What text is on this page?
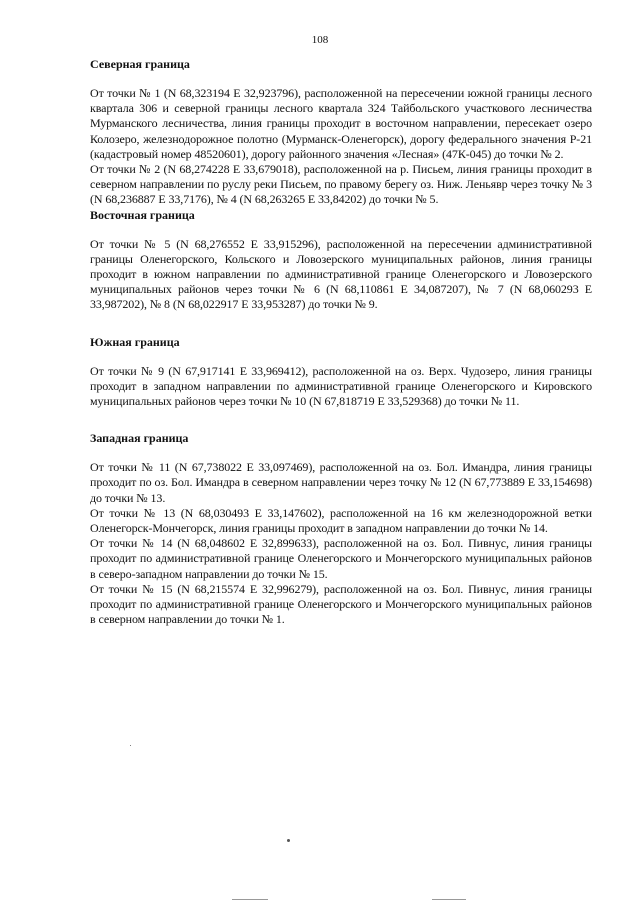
108
Северная граница

От точки № 1 (N 68,323194 E 32,923796), расположенной на пересечении южной границы лесного квартала 306 и северной границы лесного квартала 324 Тайбольского участкового лесничества Мурманского лесничества, линия границы проходит в восточном направлении, пересекает озеро Колозеро, железнодорожное полотно (Мурманск-Оленегорск), дорогу федерального значения Р-21 (кадастровый номер 48520601), дорогу районного значения «Лесная» (47К-045) до точки № 2.

От точки № 2 (N 68,274228 E 33,679018), расположенной на р. Письем, линия границы проходит в северном направлении по руслу реки Письем, по правому берегу оз. Ниж. Леньявр через точку № 3 (N 68,236887 E 33,7176), № 4 (N 68,263265 E 33,84202) до точки № 5.

Восточная граница

От точки № 5 (N 68,276552 E 33,915296), расположенной на пересечении административной границы Оленегорского, Кольского и Ловозерского муниципальных районов, линия границы проходит в южном направлении по административной границе Оленегорского и Ловозерского муниципальных районов через точки № 6 (N 68,110861 E 34,087207), № 7 (N 68,060293 E 33,987202), № 8 (N 68,022917 E 33,953287) до точки № 9.

Южная граница

От точки № 9 (N 67,917141 E 33,969412), расположенной на оз. Верх. Чудозеро, линия границы проходит в западном направлении по административной границе Оленегорского и Кировского муниципальных районов через точки № 10 (N 67,818719 E 33,529368) до точки № 11.

Западная граница

От точки № 11 (N 67,738022 E 33,097469), расположенной на оз. Бол. Имандра, линия границы проходит по оз. Бол. Имандра в северном направлении через точку № 12 (N 67,773889 E 33,154698) до точки № 13.

От точки № 13 (N 68,030493 E 33,147602), расположенной на 16 км железнодорожной ветки Оленегорск-Мончегорск, линия границы проходит в западном направлении до точки № 14.

От точки № 14 (N 68,048602 E 32,899633), расположенной на оз. Бол. Пивнус, линия границы проходит по административной границе Оленегорского и Мончегорского муниципальных районов в северо-западном направлении до точки № 15.

От точки № 15 (N 68,215574 E 32,996279), расположенной на оз. Бол. Пивнус, линия границы проходит по административной границе Оленегорского и Мончегорского муниципальных районов в северном направлении до точки № 1.
